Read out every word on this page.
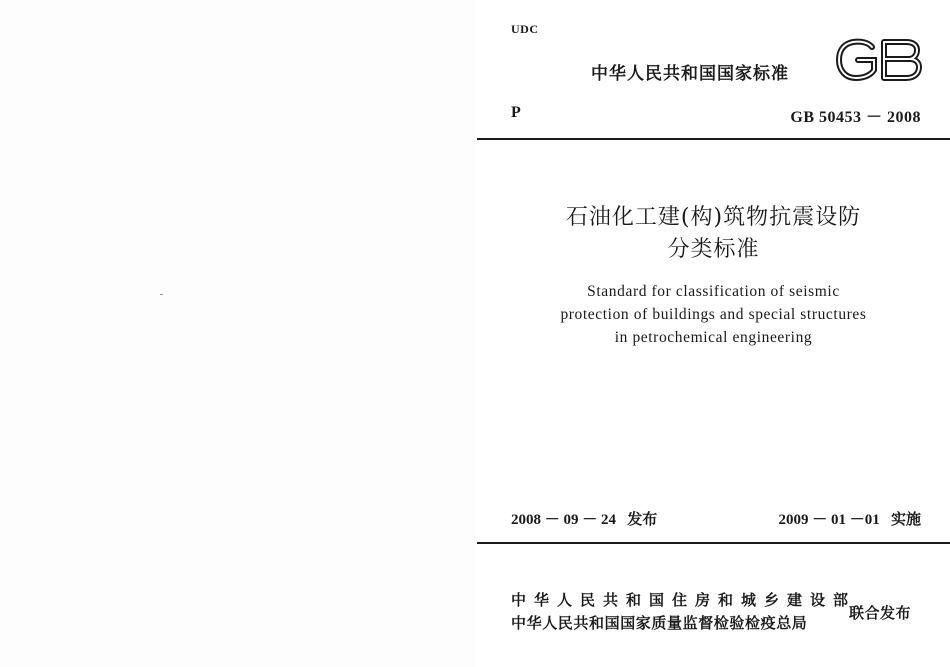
UDC
中华人民共和国国家标准
P	GB 50453 － 2008
石油化工建(构)筑物抗震设防
分类标准
Standard for classification of seismic
protection of buildings and special structures
in petrochemical engineering
2008 － 09 － 24   发布	2009 － 01 －01   实施
中华人民共和国住房和城乡建设部
中华人民共和国国家质量监督检验检疫总局
联合发布
